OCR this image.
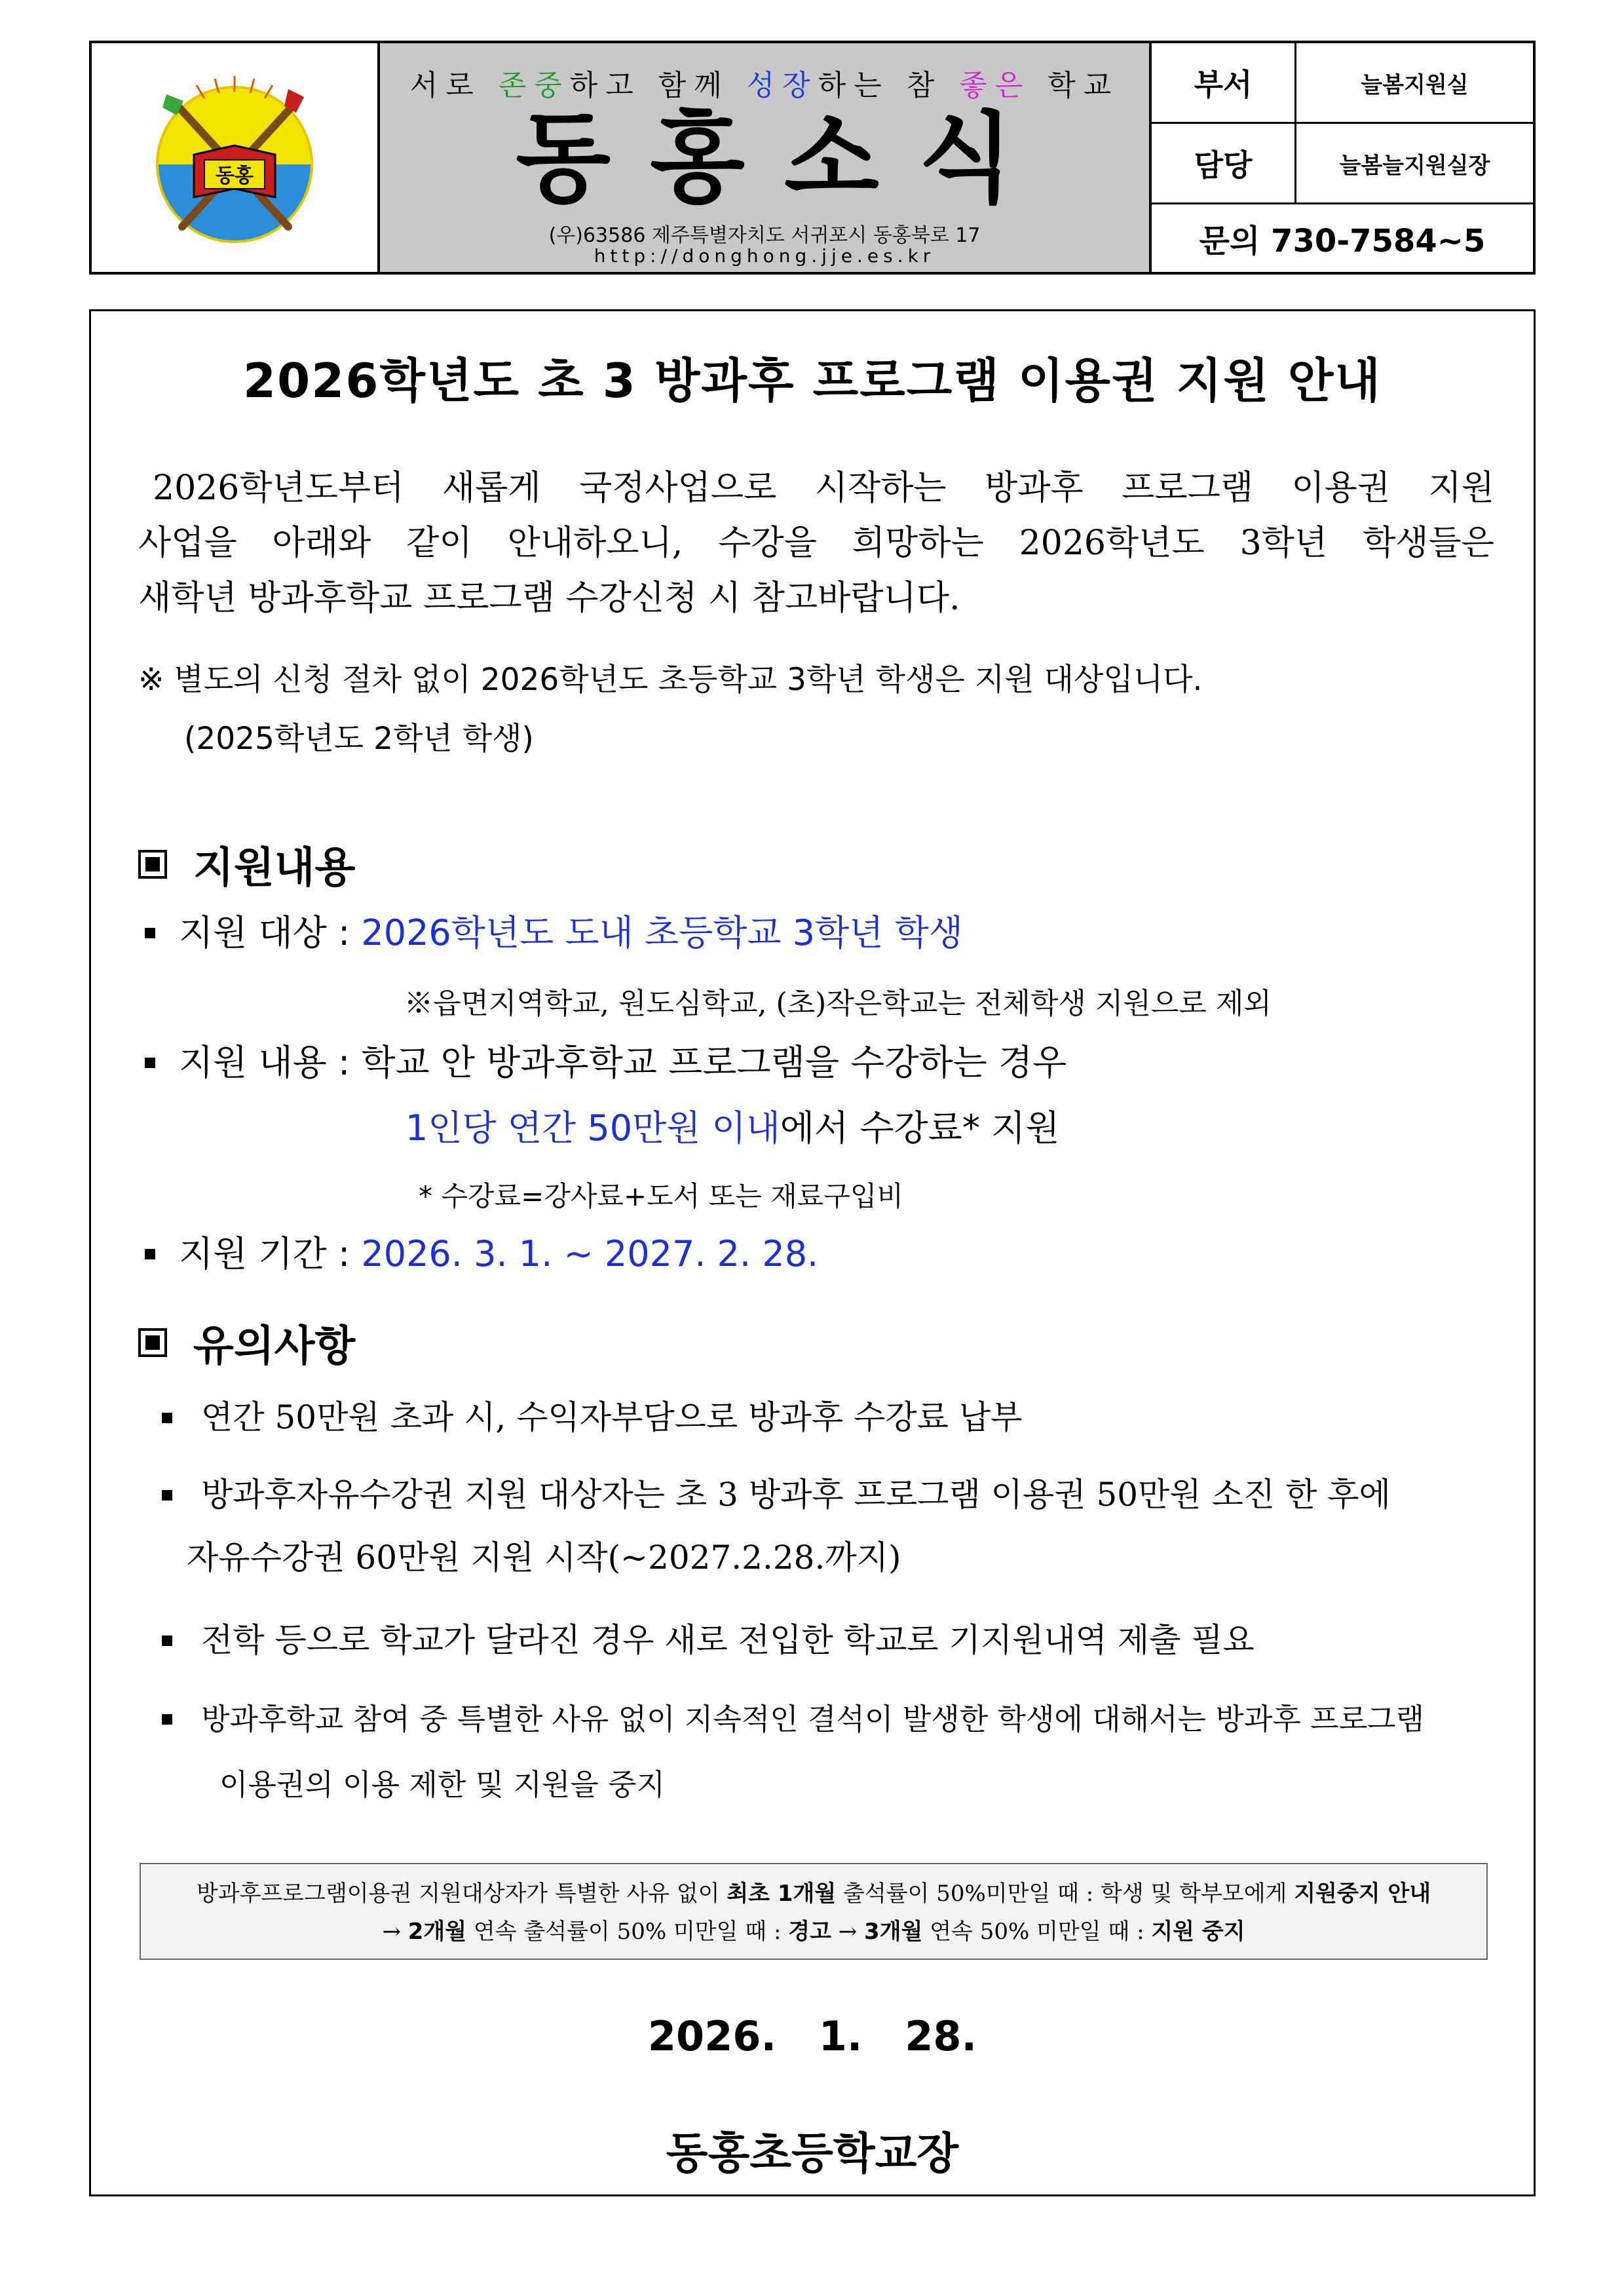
동홍
서로 존중하고 함께 성장하는 참 좋은 학교
동홍소식
(우)63586 제주특별자치도 서귀포시 동홍북로 17
http://donghong.jje.es.kr
부서	늘봄지원실
담당	늘봄늘지원실장
문의 730-7584~5
2026학년도 초 3 방과후 프로그램 이용권 지원 안내
2026학년도부터 새롭게 국정사업으로 시작하는 방과후 프로그램 이용권 지원
사업을 아래와 같이 안내하오니, 수강을 희망하는 2026학년도 3학년 학생들은
새학년 방과후학교 프로그램 수강신청 시 참고바랍니다.
※ 별도의 신청 절차 없이 2026학년도 초등학교 3학년 학생은 지원 대상입니다.
(2025학년도 2학년 학생)
지원내용
지원 대상 : 2026학년도 도내 초등학교 3학년 학생
※읍면지역학교, 원도심학교, (초)작은학교는 전체학생 지원으로 제외
지원 내용 : 학교 안 방과후학교 프로그램을 수강하는 경우
1인당 연간 50만원 이내에서 수강료* 지원
* 수강료=강사료+도서 또는 재료구입비
지원 기간 : 2026. 3. 1. ~ 2027. 2. 28.
유의사항
연간 50만원 초과 시, 수익자부담으로 방과후 수강료 납부
방과후자유수강권 지원 대상자는 초 3 방과후 프로그램 이용권 50만원 소진 한 후에
자유수강권 60만원 지원 시작(~2027.2.28.까지)
전학 등으로 학교가 달라진 경우 새로 전입한 학교로 기지원내역 제출 필요
방과후학교 참여 중 특별한 사유 없이 지속적인 결석이 발생한 학생에 대해서는 방과후 프로그램
이용권의 이용 제한 및 지원을 중지
방과후프로그램이용권 지원대상자가 특별한 사유 없이 최초 1개월 출석률이 50%미만일 때 : 학생 및 학부모에게 지원중지 안내
→ 2개월 연속 출석률이 50% 미만일 때 : 경고 → 3개월 연속 50% 미만일 때 : 지원 중지
2026.   1.   28.
동홍초등학교장
